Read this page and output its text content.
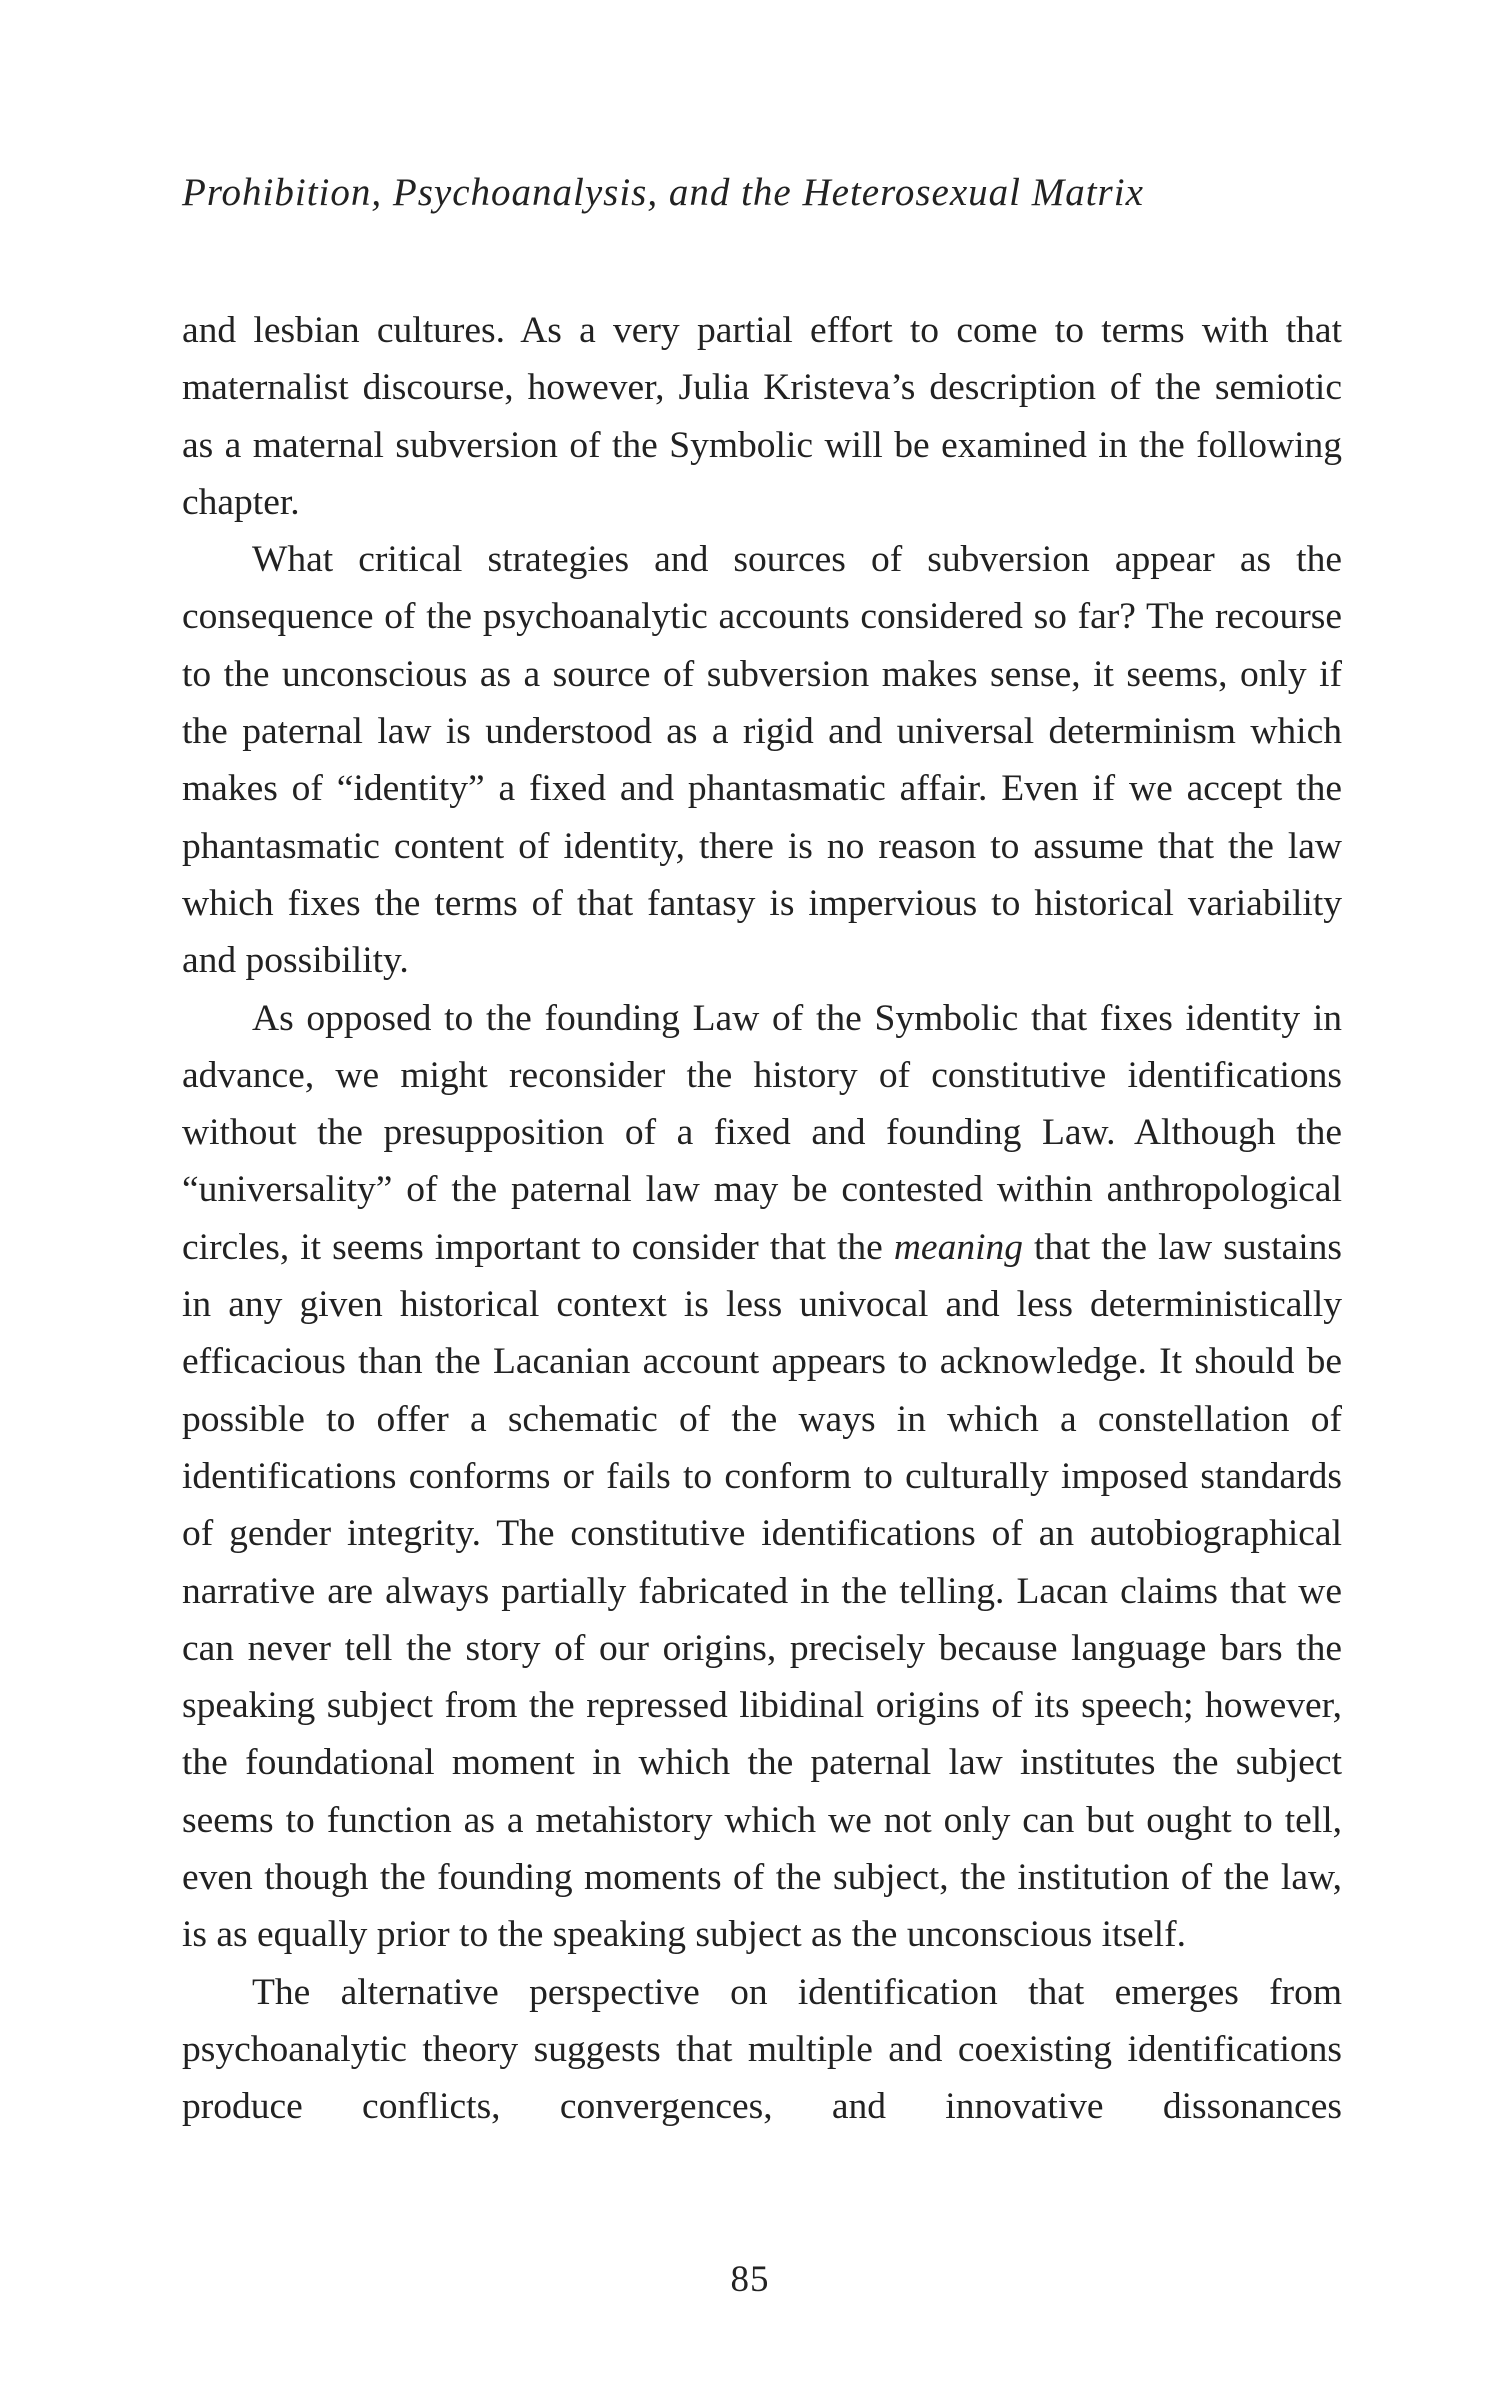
Prohibition, Psychoanalysis, and the Heterosexual Matrix

and lesbian cultures. As a very partial effort to come to terms with that maternalist discourse, however, Julia Kristeva’s description of the semiotic as a maternal subversion of the Symbolic will be examined in the following chapter.

What critical strategies and sources of subversion appear as the consequence of the psychoanalytic accounts considered so far? The recourse to the unconscious as a source of subversion makes sense, it seems, only if the paternal law is understood as a rigid and universal determinism which makes of “identity” a fixed and phantasmatic affair. Even if we accept the phantasmatic content of identity, there is no reason to assume that the law which fixes the terms of that fantasy is impervious to historical variability and possibility.

As opposed to the founding Law of the Symbolic that fixes identity in advance, we might reconsider the history of constitutive identifications without the presupposition of a fixed and founding Law. Although the “universality” of the paternal law may be contested within anthropological circles, it seems important to consider that the meaning that the law sustains in any given historical context is less univocal and less deterministically efficacious than the Lacanian account appears to acknowledge. It should be possible to offer a schematic of the ways in which a constellation of identifications conforms or fails to conform to culturally imposed standards of gender integrity. The constitutive identifications of an autobiographical narrative are always partially fabricated in the telling. Lacan claims that we can never tell the story of our origins, precisely because language bars the speaking subject from the repressed libidinal origins of its speech; however, the foundational moment in which the paternal law institutes the subject seems to function as a metahistory which we not only can but ought to tell, even though the founding moments of the subject, the institution of the law, is as equally prior to the speaking subject as the unconscious itself.

The alternative perspective on identification that emerges from psychoanalytic theory suggests that multiple and coexisting identifications produce conflicts, convergences, and innovative dissonances

85
